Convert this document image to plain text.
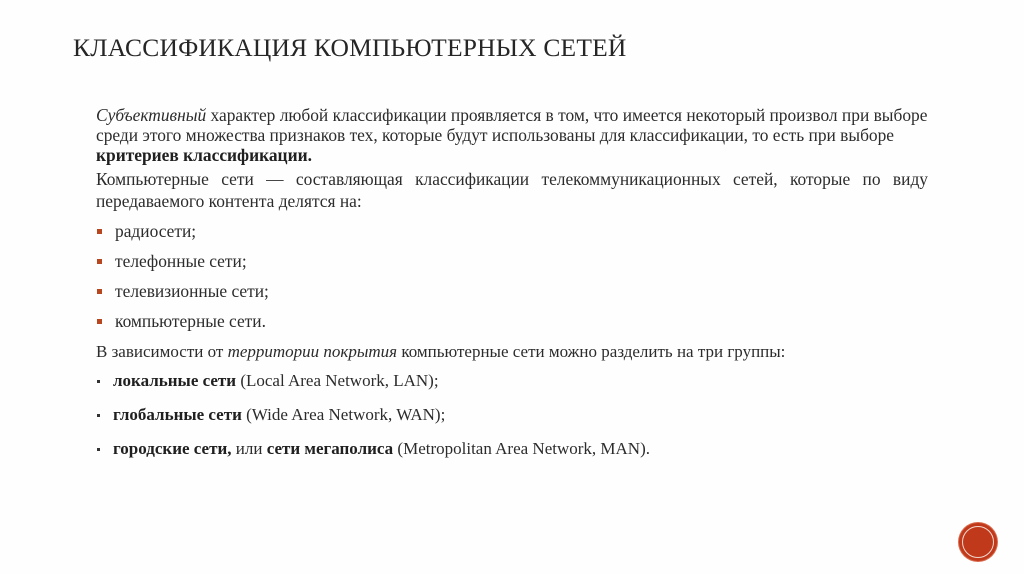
КЛАССИФИКАЦИЯ КОМПЬЮТЕРНЫХ СЕТЕЙ

Субъективный характер любой классификации проявляется в том, что имеется некоторый произвол при выборе среди этого множества признаков тех, которые будут использованы для классификации, то есть при выборе критериев классификации.

Компьютерные сети — составляющая классификации телекоммуникационных сетей, которые по виду передаваемого контента делятся на:

радиосети;
телефонные сети;
телевизионные сети;
компьютерные сети.

В зависимости от территории покрытия компьютерные сети можно разделить на три группы:

локальные сети (Local Area Network, LAN);
глобальные сети (Wide Area Network, WAN);
городские сети, или сети мегаполиса (Metropolitan Area Network, MAN).
